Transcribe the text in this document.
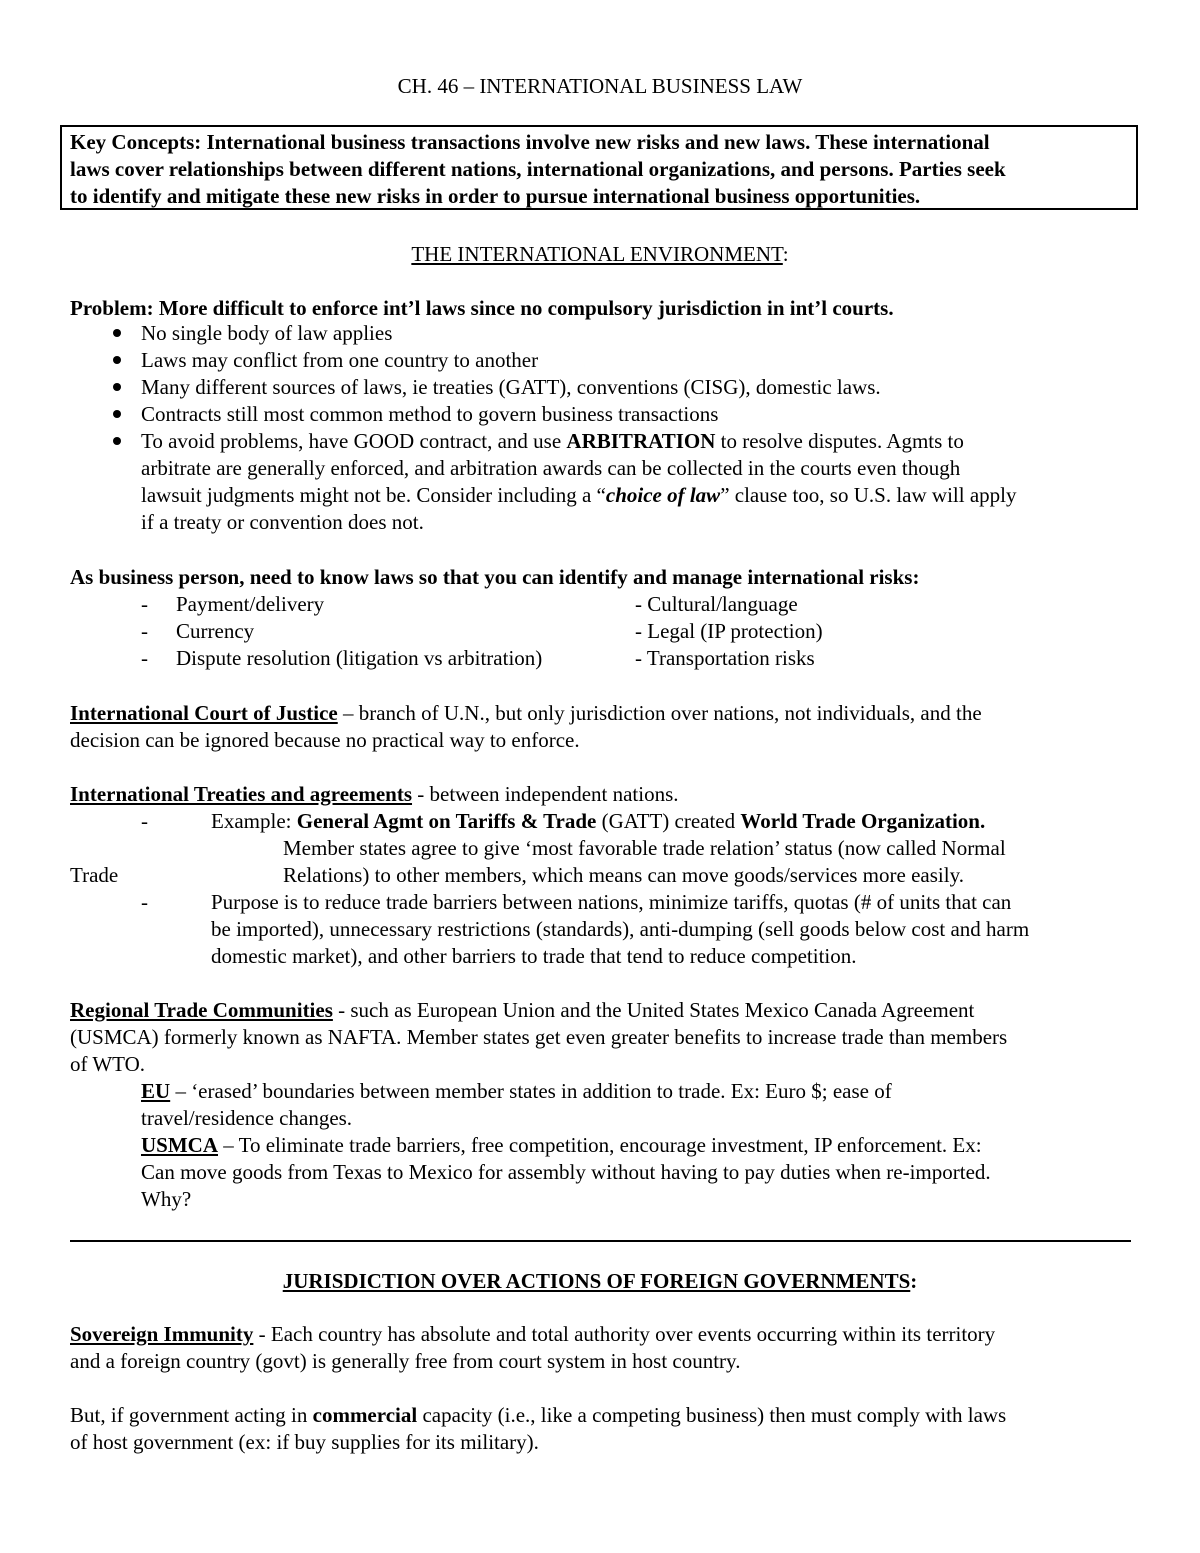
CH. 46 – INTERNATIONAL BUSINESS LAW
Key Concepts: International business transactions involve new risks and new laws. These international
laws cover relationships between different nations, international organizations, and persons. Parties seek
to identify and mitigate these new risks in order to pursue international business opportunities.
THE INTERNATIONAL ENVIRONMENT:
Problem: More difficult to enforce int’l laws since no compulsory jurisdiction in int’l courts.
No single body of law applies
Laws may conflict from one country to another
Many different sources of laws, ie treaties (GATT), conventions (CISG), domestic laws.
Contracts still most common method to govern business transactions
To avoid problems, have GOOD contract, and use ARBITRATION to resolve disputes. Agmts to
arbitrate are generally enforced, and arbitration awards can be collected in the courts even though
lawsuit judgments might not be. Consider including a “choice of law” clause too, so U.S. law will apply
if a treaty or convention does not.
As business person, need to know laws so that you can identify and manage international risks:
- Payment/delivery	- Cultural/language
- Currency	- Legal (IP protection)
- Dispute resolution (litigation vs arbitration)	- Transportation risks
International Court of Justice – branch of U.N., but only jurisdiction over nations, not individuals, and the
decision can be ignored because no practical way to enforce.
International Treaties and agreements - between independent nations.
-	Example: General Agmt on Tariffs & Trade (GATT) created World Trade Organization.
Member states agree to give ‘most favorable trade relation’ status (now called Normal
Trade	Relations) to other members, which means can move goods/services more easily.
-	Purpose is to reduce trade barriers between nations, minimize tariffs, quotas (# of units that can
be imported), unnecessary restrictions (standards), anti-dumping (sell goods below cost and harm
domestic market), and other barriers to trade that tend to reduce competition.
Regional Trade Communities - such as European Union and the United States Mexico Canada Agreement
(USMCA) formerly known as NAFTA. Member states get even greater benefits to increase trade than members
of WTO.
EU – ‘erased’ boundaries between member states in addition to trade. Ex: Euro $; ease of
travel/residence changes.
USMCA – To eliminate trade barriers, free competition, encourage investment, IP enforcement. Ex:
Can move goods from Texas to Mexico for assembly without having to pay duties when re-imported.
Why?
JURISDICTION OVER ACTIONS OF FOREIGN GOVERNMENTS:
Sovereign Immunity - Each country has absolute and total authority over events occurring within its territory
and a foreign country (govt) is generally free from court system in host country.
But, if government acting in commercial capacity (i.e., like a competing business) then must comply with laws
of host government (ex: if buy supplies for its military).
